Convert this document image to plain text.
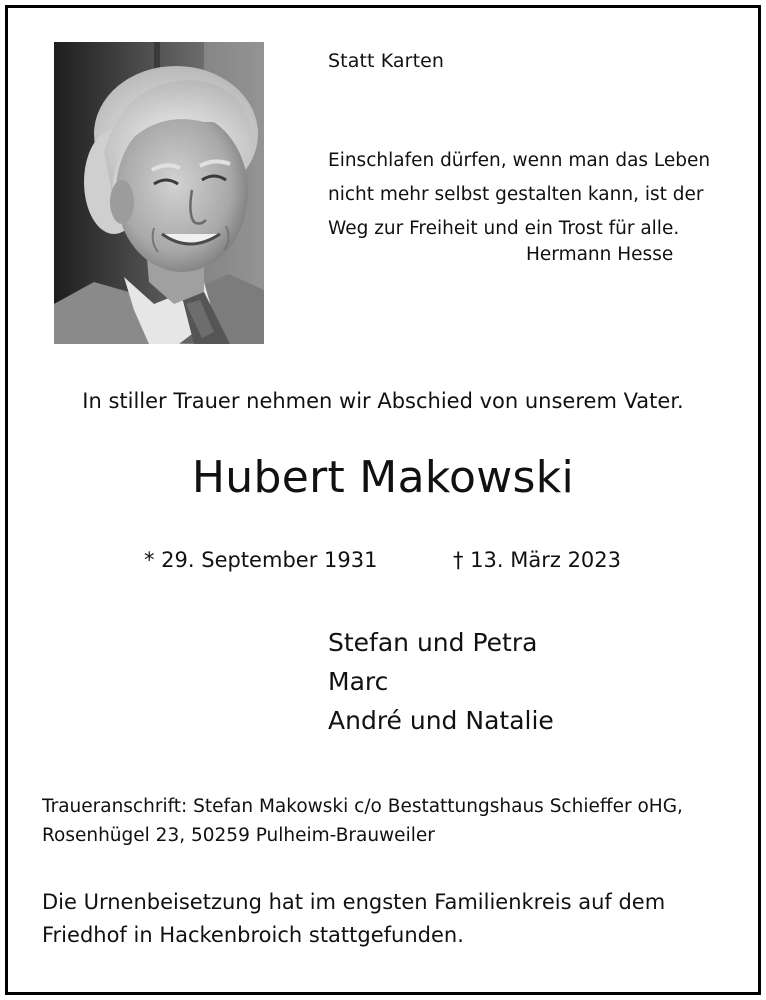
Statt Karten
Einschlafen dürfen, wenn man das Leben
nicht mehr selbst gestalten kann, ist der
Weg zur Freiheit und ein Trost für alle.
Hermann Hesse
In stiller Trauer nehmen wir Abschied von unserem Vater.
Hubert Makowski
* 29. September 1931	† 13. März 2023
Stefan und Petra
Marc
André und Natalie
Traueranschrift: Stefan Makowski c/o Bestattungshaus Schieffer oHG,
Rosenhügel 23, 50259 Pulheim-Brauweiler
Die Urnenbeisetzung hat im engsten Familienkreis auf dem
Friedhof in Hackenbroich stattgefunden.
